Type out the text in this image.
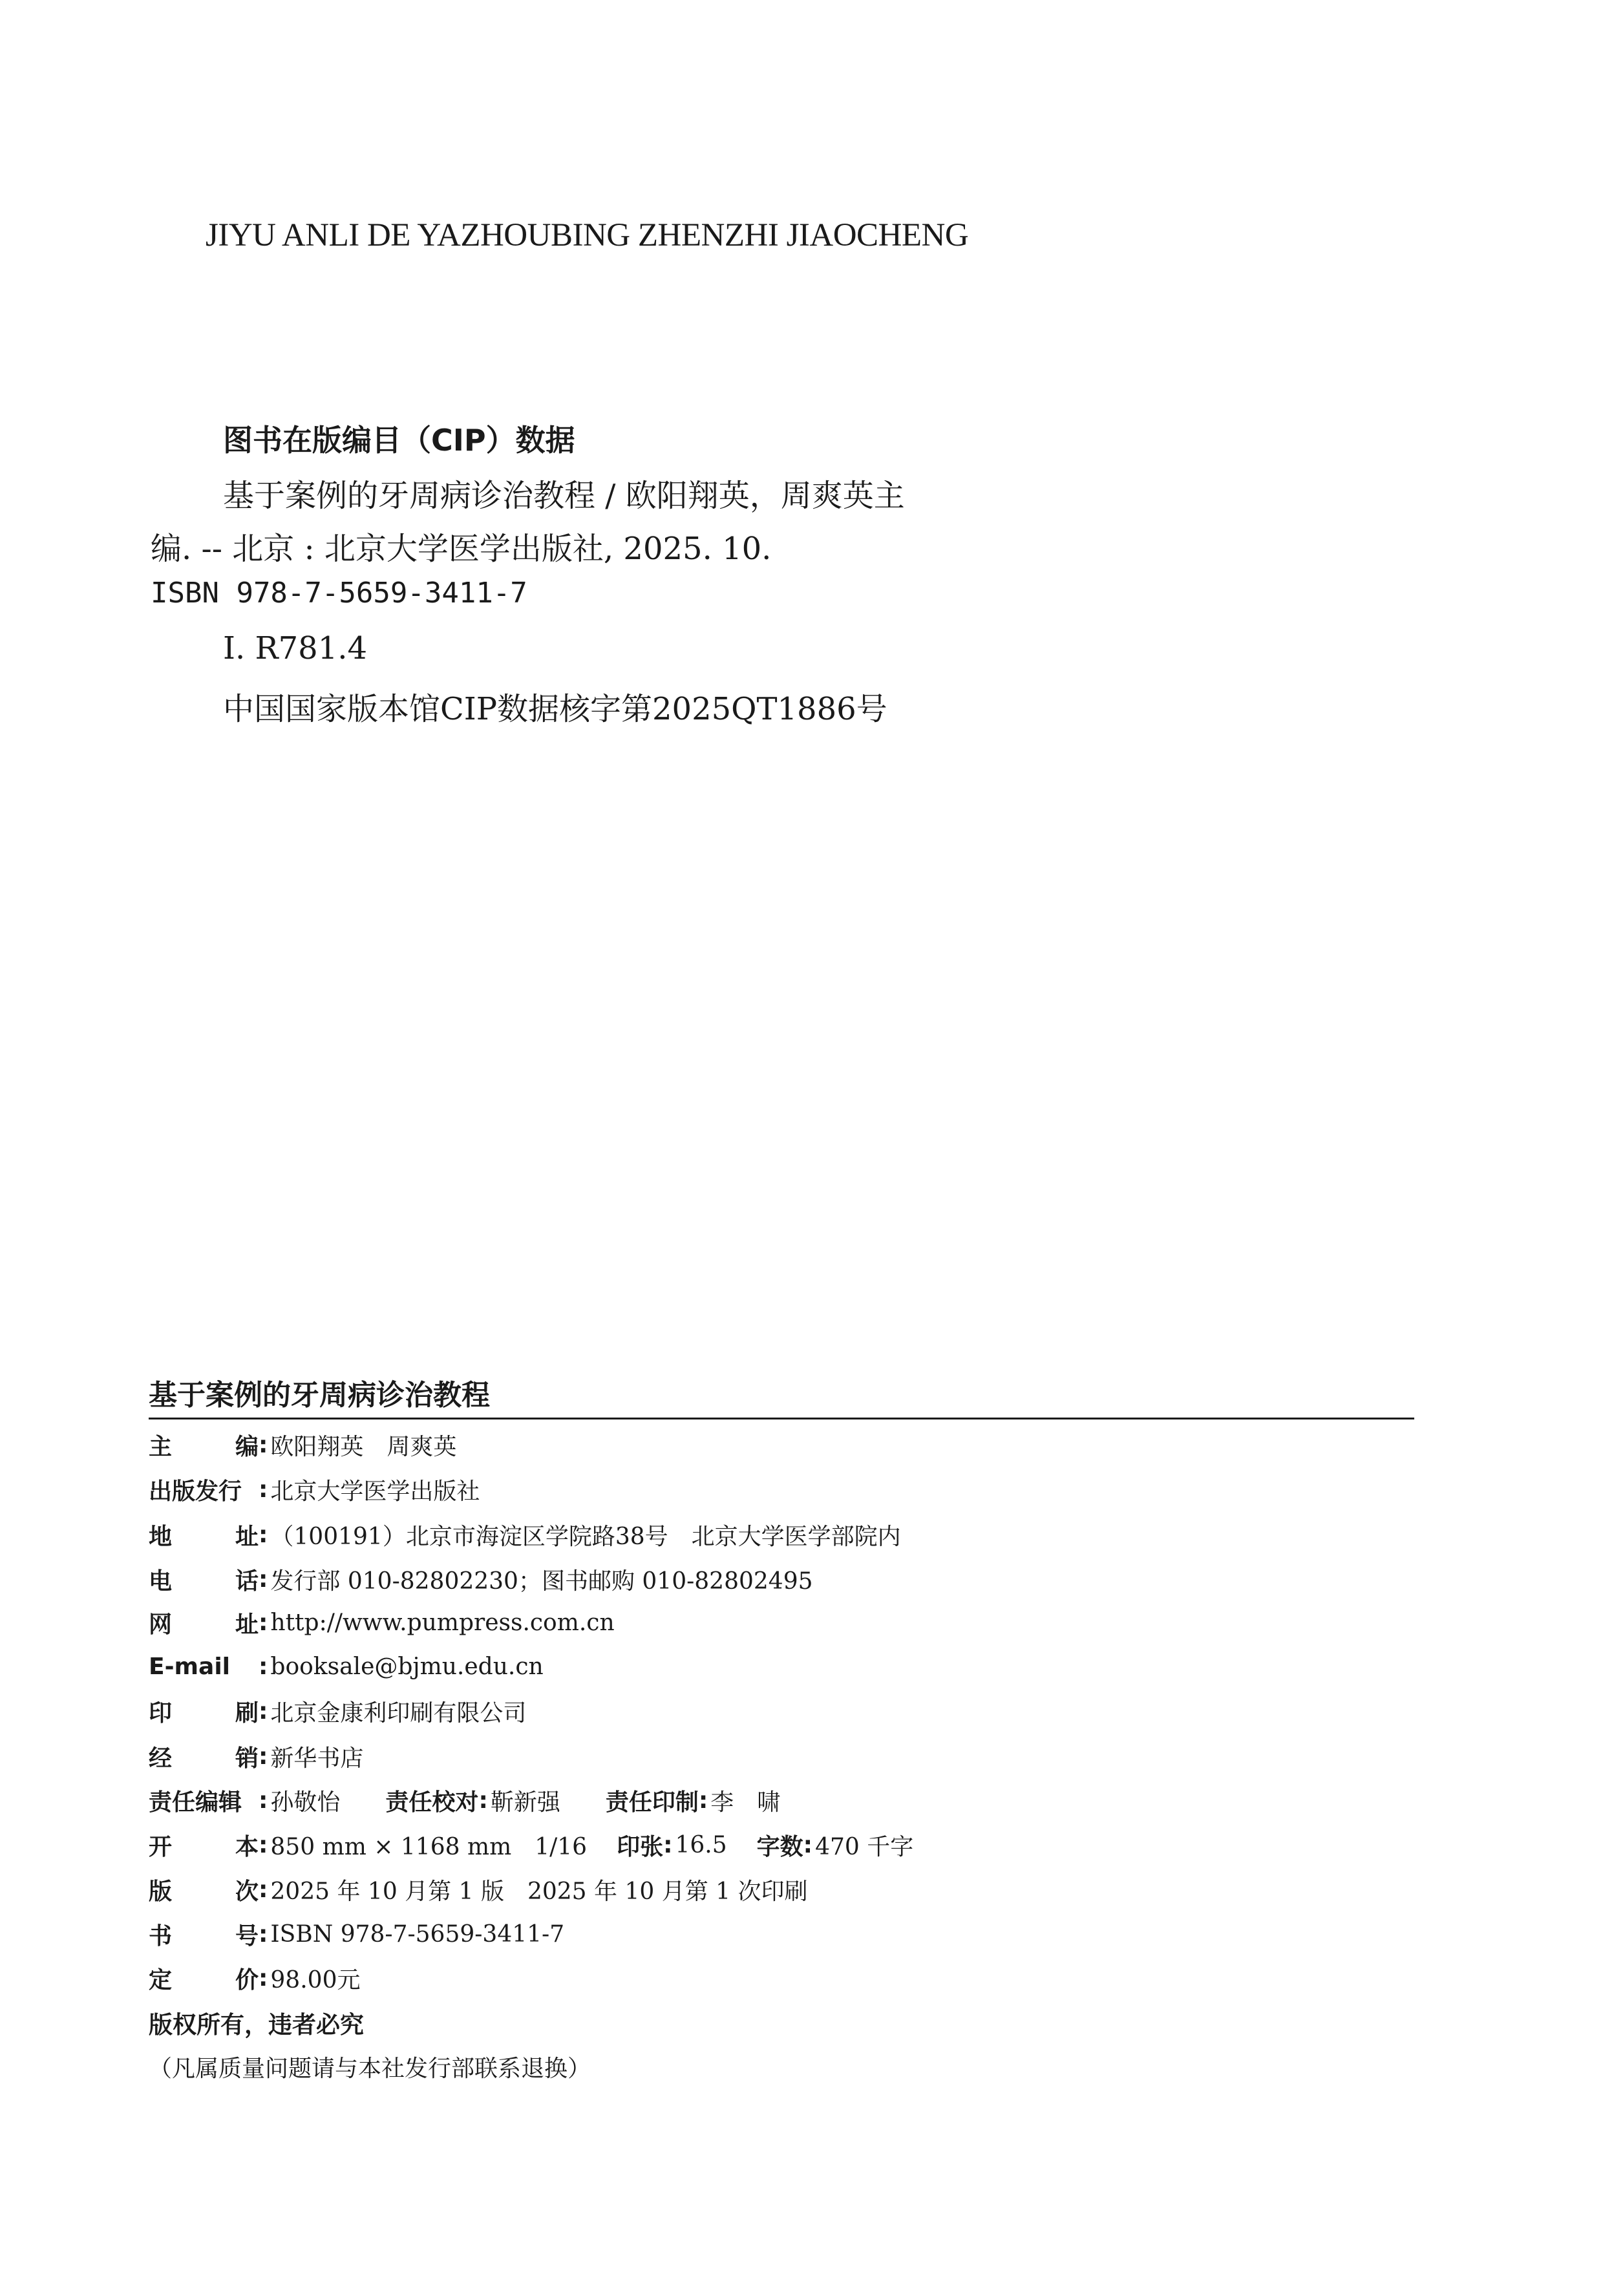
JIYU ANLI DE YAZHOUBING ZHENZHI JIAOCHENG
图书在版编目（CIP）数据
基于案例的牙周病诊治教程 / 欧阳翔英，周爽英主
编. -- 北京 : 北京大学医学出版社, 2025. 10.
ISBN 978-7-5659-3411-7
Ⅰ. R781.4
中国国家版本馆CIP数据核字第2025QT1886号
基于案例的牙周病诊治教程
主	编 : 欧阳翔英　周爽英
出版发行 : 北京大学医学出版社
地	址 : （100191）北京市海淀区学院路38号　北京大学医学部院内
电	话 : 发行部 010-82802230；图书邮购 010-82802495
网	址 : http://www.pumpress.com.cn
E-mail	: booksale@bjmu.edu.cn
印	刷 : 北京金康利印刷有限公司
经	销 : 新华书店
责任编辑 : 孙敬怡 责任校对 : 靳新强 责任印制 : 李　啸
开	本 : 850 mm × 1168 mm　1/16 印张 : 16.5 字数 : 470 千字
版	次 : 2025 年 10 月第 1 版　2025 年 10 月第 1 次印刷
书	号 : ISBN 978-7-5659-3411-7
定	价 : 98.00元
版权所有，违者必究
（凡属质量问题请与本社发行部联系退换）
